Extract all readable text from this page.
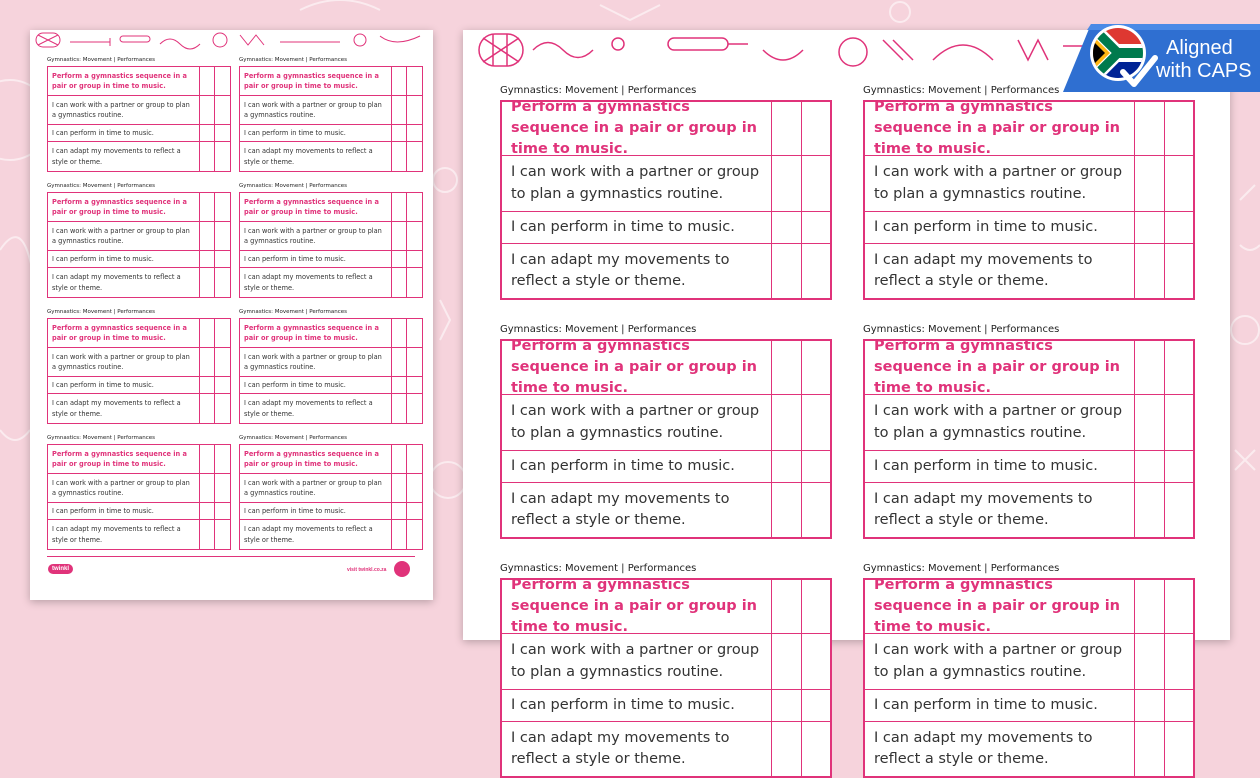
Gymnastics: Movement | Performances
Perform a gymnastics sequence in a pair or group in time to music.
I can work with a partner or group to plan a gymnastics routine.
I can perform in time to music.
I can adapt my movements to reflect a style or theme.
Gymnastics: Movement | Performances
Perform a gymnastics sequence in a pair or group in time to music.
I can work with a partner or group to plan a gymnastics routine.
I can perform in time to music.
I can adapt my movements to reflect a style or theme.
Gymnastics: Movement | Performances
Perform a gymnastics sequence in a pair or group in time to music.
I can work with a partner or group to plan a gymnastics routine.
I can perform in time to music.
I can adapt my movements to reflect a style or theme.
Gymnastics: Movement | Performances
Perform a gymnastics sequence in a pair or group in time to music.
I can work with a partner or group to plan a gymnastics routine.
I can perform in time to music.
I can adapt my movements to reflect a style or theme.
Gymnastics: Movement | Performances
Perform a gymnastics sequence in a pair or group in time to music.
I can work with a partner or group to plan a gymnastics routine.
I can perform in time to music.
I can adapt my movements to reflect a style or theme.
Gymnastics: Movement | Performances
Perform a gymnastics sequence in a pair or group in time to music.
I can work with a partner or group to plan a gymnastics routine.
I can perform in time to music.
I can adapt my movements to reflect a style or theme.
Gymnastics: Movement | Performances
Perform a gymnastics sequence in a pair or group in time to music.
I can work with a partner or group to plan a gymnastics routine.
I can perform in time to music.
I can adapt my movements to reflect a style or theme.
Gymnastics: Movement | Performances
Perform a gymnastics sequence in a pair or group in time to music.
I can work with a partner or group to plan a gymnastics routine.
I can perform in time to music.
I can adapt my movements to reflect a style or theme.
twinkl	visit twinkl.co.za
Gymnastics: Movement | Performances
Perform a gymnastics sequence in a pair or group in time to music.
I can work with a partner or group to plan a gymnastics routine.
I can perform in time to music.
I can adapt my movements to reflect a style or theme.
Gymnastics: Movement | Performances
Perform a gymnastics sequence in a pair or group in time to music.
I can work with a partner or group to plan a gymnastics routine.
I can perform in time to music.
I can adapt my movements to reflect a style or theme.
Gymnastics: Movement | Performances
Perform a gymnastics sequence in a pair or group in time to music.
I can work with a partner or group to plan a gymnastics routine.
I can perform in time to music.
I can adapt my movements to reflect a style or theme.
Gymnastics: Movement | Performances
Perform a gymnastics sequence in a pair or group in time to music.
I can work with a partner or group to plan a gymnastics routine.
I can perform in time to music.
I can adapt my movements to reflect a style or theme.
Gymnastics: Movement | Performances
Perform a gymnastics sequence in a pair or group in time to music.
I can work with a partner or group to plan a gymnastics routine.
I can perform in time to music.
I can adapt my movements to reflect a style or theme.
Gymnastics: Movement | Performances
Perform a gymnastics sequence in a pair or group in time to music.
I can work with a partner or group to plan a gymnastics routine.
I can perform in time to music.
I can adapt my movements to reflect a style or theme.
Aligned
with CAPS
